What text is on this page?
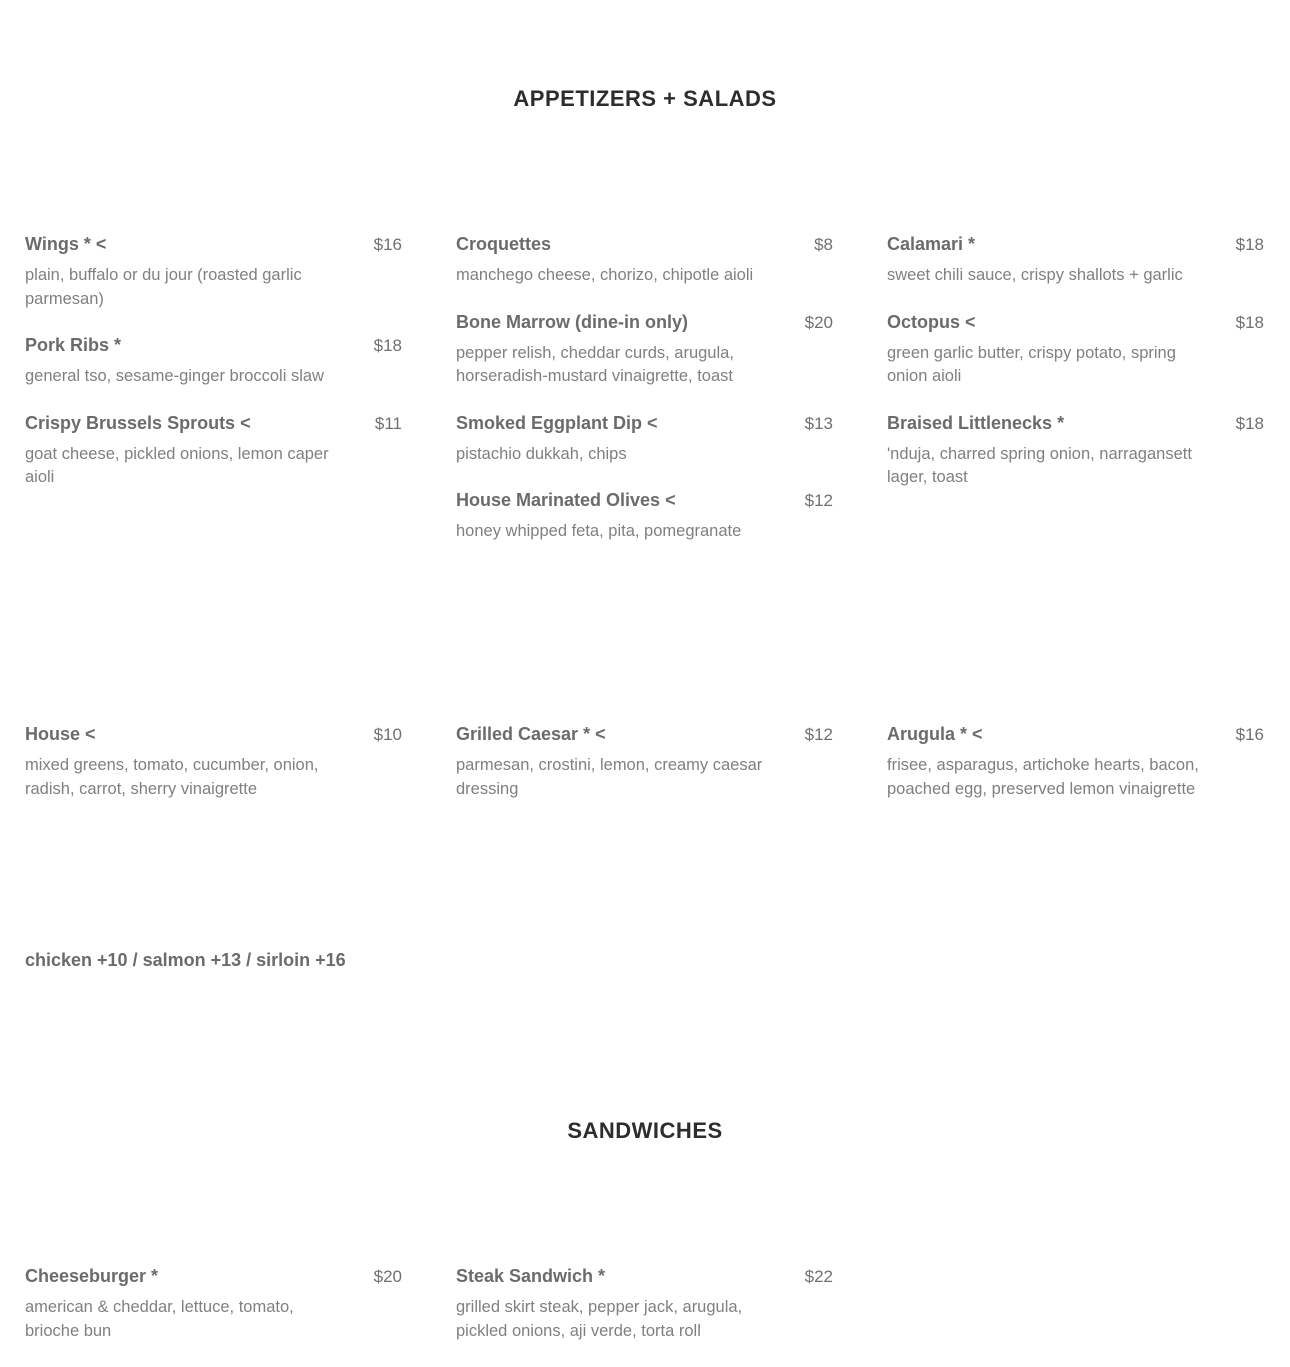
APPETIZERS + SALADS
Wings * <	$16
plain, buffalo or du jour (roasted garlic parmesan)
Pork Ribs *	$18
general tso, sesame-ginger broccoli slaw
Crispy Brussels Sprouts <	$11
goat cheese, pickled onions, lemon caper aioli
Croquettes	$8
manchego cheese, chorizo, chipotle aioli
Bone Marrow (dine-in only)	$20
pepper relish, cheddar curds, arugula, horseradish-mustard vinaigrette, toast
Smoked Eggplant Dip <	$13
pistachio dukkah, chips
House Marinated Olives <	$12
honey whipped feta, pita, pomegranate
Calamari *	$18
sweet chili sauce, crispy shallots + garlic
Octopus <	$18
green garlic butter, crispy potato, spring onion aioli
Braised Littlenecks *	$18
'nduja, charred spring onion, narragansett lager, toast
House <	$10
mixed greens, tomato, cucumber, onion, radish, carrot, sherry vinaigrette
Grilled Caesar * <	$12
parmesan, crostini, lemon, creamy caesar dressing
Arugula * <	$16
frisee, asparagus, artichoke hearts, bacon, poached egg, preserved lemon vinaigrette
chicken +10 / salmon +13 / sirloin +16
SANDWICHES
Cheeseburger *	$20
american & cheddar, lettuce, tomato, brioche bun
Steak Sandwich *	$22
grilled skirt steak, pepper jack, arugula, pickled onions, aji verde, torta roll
